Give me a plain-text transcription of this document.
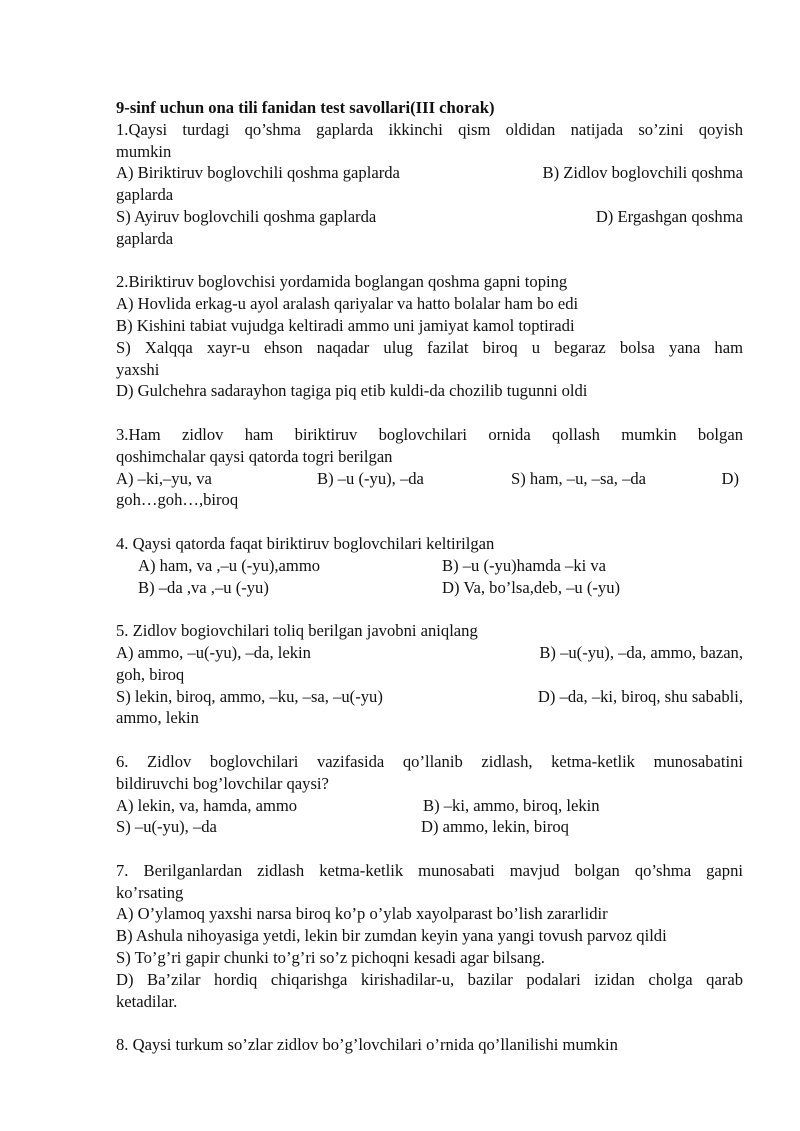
9-sinf uchun ona tili fanidan test savollari(III chorak)
1.Qaysi turdagi qo’shma gaplarda ikkinchi qism oldidan natijada so’zini qoyish
mumkin
A) Biriktiruv boglovchili qoshma gaplarda	B) Zidlov boglovchili qoshma
gaplarda
S) Ayiruv boglovchili qoshma gaplarda	D) Ergashgan qoshma
gaplarda
2.Biriktiruv boglovchisi yordamida boglangan qoshma gapni toping
A) Hovlida erkag-u ayol aralash qariyalar va hatto bolalar ham bo edi
B) Kishini tabiat vujudga keltiradi ammo uni jamiyat kamol toptiradi
S) Xalqqa xayr-u ehson naqadar ulug fazilat biroq u begaraz bolsa yana ham
yaxshi
D) Gulchehra sadarayhon tagiga piq etib kuldi-da chozilib tugunni oldi
3.Ham zidlov ham biriktiruv boglovchilari ornida qollash mumkin bolgan
qoshimchalar qaysi qatorda togri berilgan
A) –ki,–yu, va	B) –u (-yu), –da	S) ham, –u, –sa, –da	D)
goh…goh…,biroq
4. Qaysi qatorda faqat biriktiruv boglovchilari keltirilgan
A) ham, va ,–u (-yu),ammo	B) –u (-yu)hamda –ki va
B) –da ,va ,–u (-yu)	D) Va, bo’lsa,deb, –u (-yu)
5. Zidlov bogiovchilari toliq berilgan javobni aniqlang
A) ammo, –u(-yu), –da, lekin	B) –u(-yu), –da, ammo, bazan,
goh, biroq
S) lekin, biroq, ammo, –ku, –sa, –u(-yu)	D) –da, –ki, biroq, shu sababli,
ammo, lekin
6. Zidlov boglovchilari vazifasida qo’llanib zidlash, ketma-ketlik munosabatini
bildiruvchi bog’lovchilar qaysi?
A) lekin, va, hamda, ammo	B) –ki, ammo, biroq, lekin
S) –u(-yu), –da	D) ammo, lekin, biroq
7. Berilganlardan zidlash ketma-ketlik munosabati mavjud bolgan qo’shma gapni
ko’rsating
A) O’ylamoq yaxshi narsa biroq ko’p o’ylab xayolparast bo’lish zararlidir
B) Ashula nihoyasiga yetdi, lekin bir zumdan keyin yana yangi tovush parvoz qildi
S) To’g’ri gapir chunki to’g’ri so’z pichoqni kesadi agar bilsang.
D) Ba’zilar hordiq chiqarishga kirishadilar-u, bazilar podalari izidan cholga qarab
ketadilar.
8. Qaysi turkum so’zlar zidlov bo’g’lovchilari o’rnida qo’llanilishi mumkin
